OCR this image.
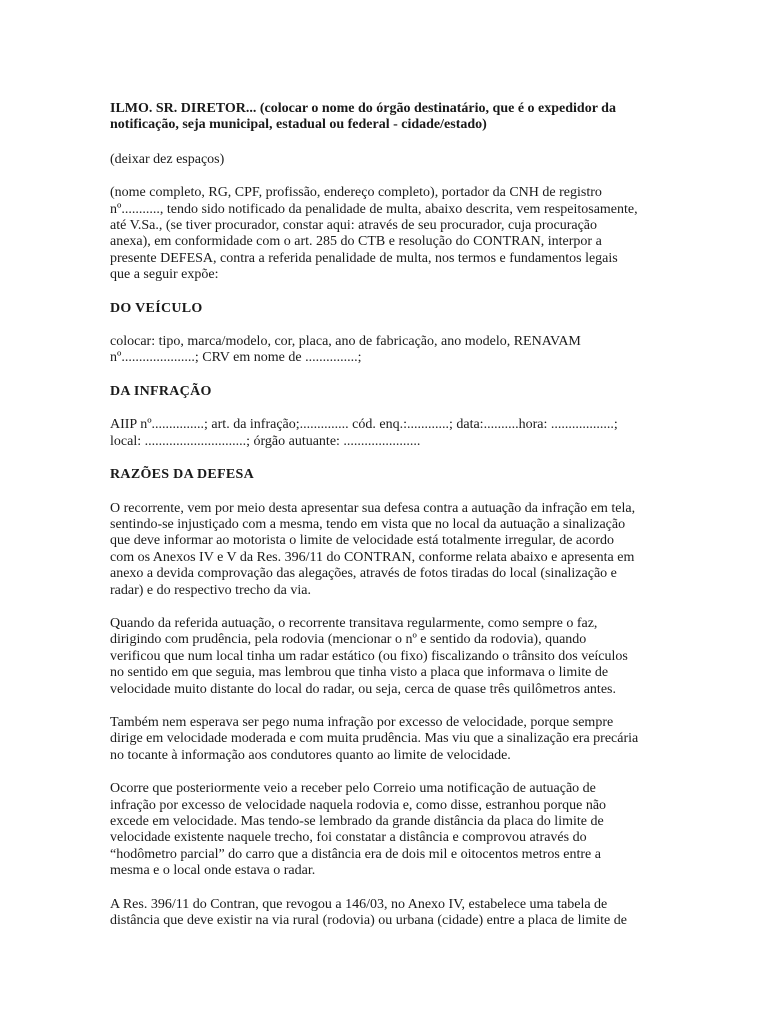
ILMO. SR. DIRETOR... (colocar o nome do órgão destinatário, que é o expedidor da
notificação, seja municipal, estadual ou federal - cidade/estado)
(deixar dez espaços)
(nome completo, RG, CPF, profissão, endereço completo), portador da CNH de registro
nº..........., tendo sido notificado da penalidade de multa, abaixo descrita, vem respeitosamente,
até V.Sa., (se tiver procurador, constar aqui: através de seu procurador, cuja procuração
anexa), em conformidade com o art. 285 do CTB e resolução do CONTRAN, interpor a
presente DEFESA, contra a referida penalidade de multa, nos termos e fundamentos legais
que a seguir expõe:
DO VEÍCULO
colocar: tipo, marca/modelo, cor, placa, ano de fabricação, ano modelo, RENAVAM
nº.....................; CRV em nome de ...............;
DA INFRAÇÃO
AIIP nº...............; art. da infração;.............. cód. enq.:............; data:..........hora: ..................;
local: .............................; órgão autuante: ......................
RAZÕES DA DEFESA
O recorrente, vem por meio desta apresentar sua defesa contra a autuação da infração em tela,
sentindo-se injustiçado com a mesma, tendo em vista que no local da autuação a sinalização
que deve informar ao motorista o limite de velocidade está totalmente irregular, de acordo
com os Anexos IV e V da Res. 396/11 do CONTRAN, conforme relata abaixo e apresenta em
anexo a devida comprovação das alegações, através de fotos tiradas do local (sinalização e
radar) e do respectivo trecho da via.
Quando da referida autuação, o recorrente transitava regularmente, como sempre o faz,
dirigindo com prudência, pela rodovia (mencionar o nº e sentido da rodovia), quando
verificou que num local tinha um radar estático (ou fixo) fiscalizando o trânsito dos veículos
no sentido em que seguia, mas lembrou que tinha visto a placa que informava o limite de
velocidade muito distante do local do radar, ou seja, cerca de quase três quilômetros antes.
Também nem esperava ser pego numa infração por excesso de velocidade, porque sempre
dirige em velocidade moderada e com muita prudência. Mas viu que a sinalização era precária
no tocante à informação aos condutores quanto ao limite de velocidade.
Ocorre que posteriormente veio a receber pelo Correio uma notificação de autuação de
infração por excesso de velocidade naquela rodovia e, como disse, estranhou porque não
excede em velocidade. Mas tendo-se lembrado da grande distância da placa do limite de
velocidade existente naquele trecho, foi constatar a distância e comprovou através do
“hodômetro parcial” do carro que a distância era de dois mil e oitocentos metros entre a
mesma e o local onde estava o radar.
A Res. 396/11 do Contran, que revogou a 146/03, no Anexo IV, estabelece uma tabela de
distância que deve existir na via rural (rodovia) ou urbana (cidade) entre a placa de limite de
